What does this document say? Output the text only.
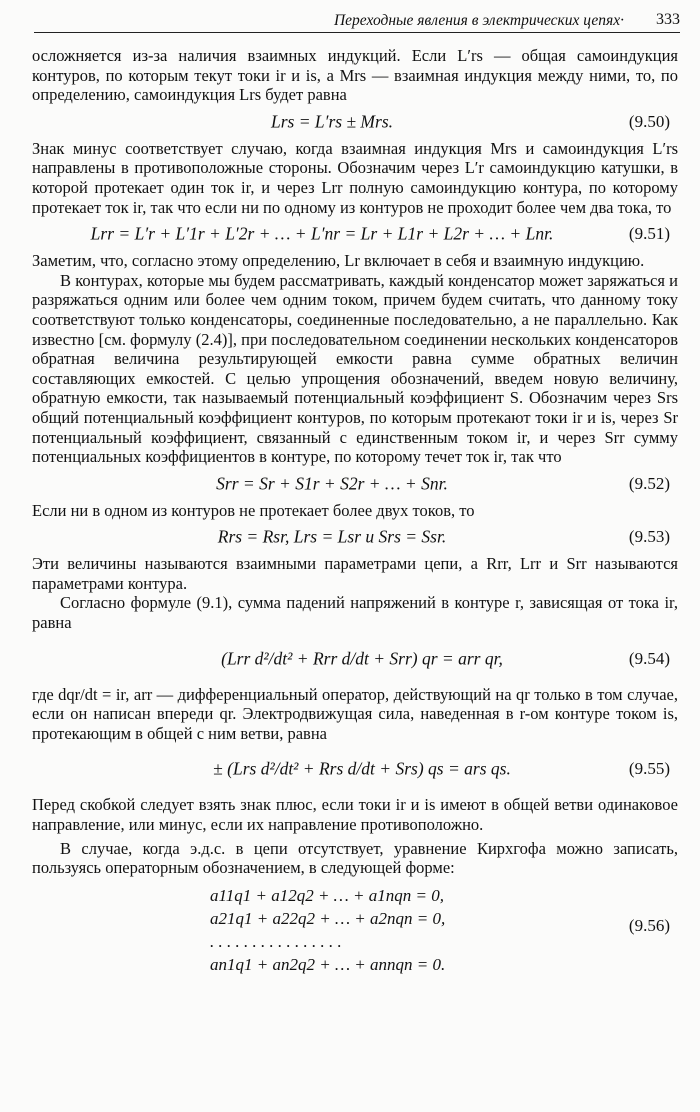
Переходные явления в электрических цепях· 333

осложняется из-за наличия взаимных индукций. Если L′rs — общая самоиндукция контуров, по которым текут токи ir и is, а Mrs — взаимная индукция между ними, то, по определению, самоиндукция Lrs будет равна

Lrs = L′rs ± Mrs.	(9.50)

Знак минус соответствует случаю, когда взаимная индукция Mrs и самоиндукция L′rs направлены в противоположные стороны. Обозначим через L′r самоиндукцию катушки, в которой протекает один ток ir, и через Lrr полную самоиндукцию контура, по которому протекает ток ir, так что если ни по одному из контуров не проходит более чем два тока, то

Lrr = L′r + L′1r + L′2r + … + L′nr = Lr + L1r + L2r + … + Lnr.	(9.51)

Заметим, что, согласно этому определению, Lr включает в себя и взаимную индукцию.

В контурах, которые мы будем рассматривать, каждый конденсатор может заряжаться и разряжаться одним или более чем одним током, причем будем считать, что данному току соответствуют только конденсаторы, соединенные последовательно, а не параллельно. Как известно [см. формулу (2.4)], при последовательном соединении нескольких конденсаторов обратная величина результирующей емкости равна сумме обратных величин составляющих емкостей. С целью упрощения обозначений, введем новую величину, обратную емкости, так называемый потенциальный коэффициент S. Обозначим через Srs общий потенциальный коэффициент контуров, по которым протекают токи ir и is, через Sr потенциальный коэффициент, связанный с единственным током ir, и через Srr сумму потенциальных коэффициентов в контуре, по которому течет ток ir, так что

Srr = Sr + S1r + S2r + … + Snr.	(9.52)

Если ни в одном из контуров не протекает более двух токов, то

Rrs = Rsr, Lrs = Lsr и Srs = Ssr.	(9.53)

Эти величины называются взаимными параметрами цепи, а Rrr, Lrr и Srr называются параметрами контура.

Согласно формуле (9.1), сумма падений напряжений в контуре r, зависящая от тока ir, равна

(Lrr d²/dt² + Rrr d/dt + Srr) qr = arr qr,	(9.54)

где dqr/dt = ir, arr — дифференциальный оператор, действующий на qr только в том случае, если он написан впереди qr. Электродвижущая сила, наведенная в r-ом контуре током is, протекающим в общей с ним ветви, равна

± (Lrs d²/dt² + Rrs d/dt + Srs) qs = ars qs.	(9.55)

Перед скобкой следует взять знак плюс, если токи ir и is имеют в общей ветви одинаковое направление, или минус, если их направление противоположно.

В случае, когда э.д.с. в цепи отсутствует, уравнение Кирхгофа можно записать, пользуясь операторным обозначением, в следующей форме:

a11q1 + a12q2 + … + a1nqn = 0,
a21q1 + a22q2 + … + a2nqn = 0,
. . . . . . . . . . . . . . . .
an1q1 + an2q2 + … + annqn = 0.
(9.56)
